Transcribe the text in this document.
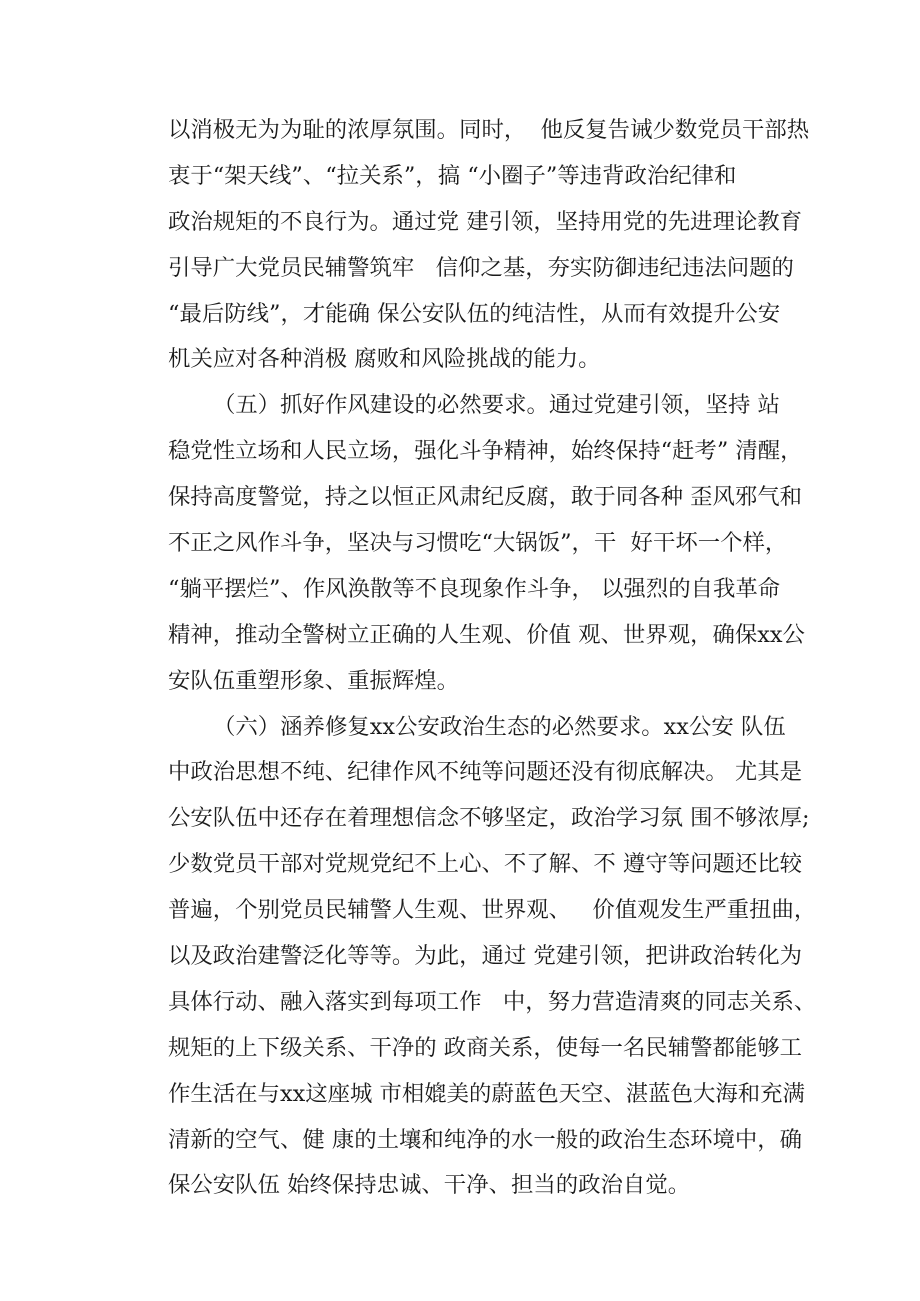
以消极无为为耻的浓厚氛围。同时，  他反复告诫少数党员干部热
衷于“架天线”、“拉关系”，搞 “小圈子”等违背政治纪律和
政治规矩的不良行为。通过党 建引领，坚持用党的先进理论教育
引导广大党员民辅警筑牢   信仰之基，夯实防御违纪违法问题的
“最后防线”，才能确 保公安队伍的纯洁性，从而有效提升公安
机关应对各种消极 腐败和风险挑战的能力。
（五）抓好作风建设的必然要求。通过党建引领，坚持 站
稳党性立场和人民立场，强化斗争精神，始终保持“赶考” 清醒，
保持高度警觉，持之以恒正风肃纪反腐，敢于同各种 歪风邪气和
不正之风作斗争，坚决与习惯吃“大锅饭”，干  好干坏一个样，
“躺平摆烂”、作风涣散等不良现象作斗争， 以强烈的自我革命
精神，推动全警树立正确的人生观、价值 观、世界观，确保xx公
安队伍重塑形象、重振辉煌。
（六）涵养修复xx公安政治生态的必然要求。xx公安 队伍
中政治思想不纯、纪律作风不纯等问题还没有彻底解决。 尤其是
公安队伍中还存在着理想信念不够坚定，政治学习氛 围不够浓厚;
少数党员干部对党规党纪不上心、不了解、不 遵守等问题还比较
普遍，个别党员民辅警人生观、世界观、   价值观发生严重扭曲，
以及政治建警泛化等等。为此，通过 党建引领，把讲政治转化为
具体行动、融入落实到每项工作   中，努力营造清爽的同志关系、
规矩的上下级关系、干净的 政商关系，使每一名民辅警都能够工
作生活在与xx这座城 市相媲美的蔚蓝色天空、湛蓝色大海和充满
清新的空气、健 康的土壤和纯净的水一般的政治生态环境中，确
保公安队伍 始终保持忠诚、干净、担当的政治自觉。
